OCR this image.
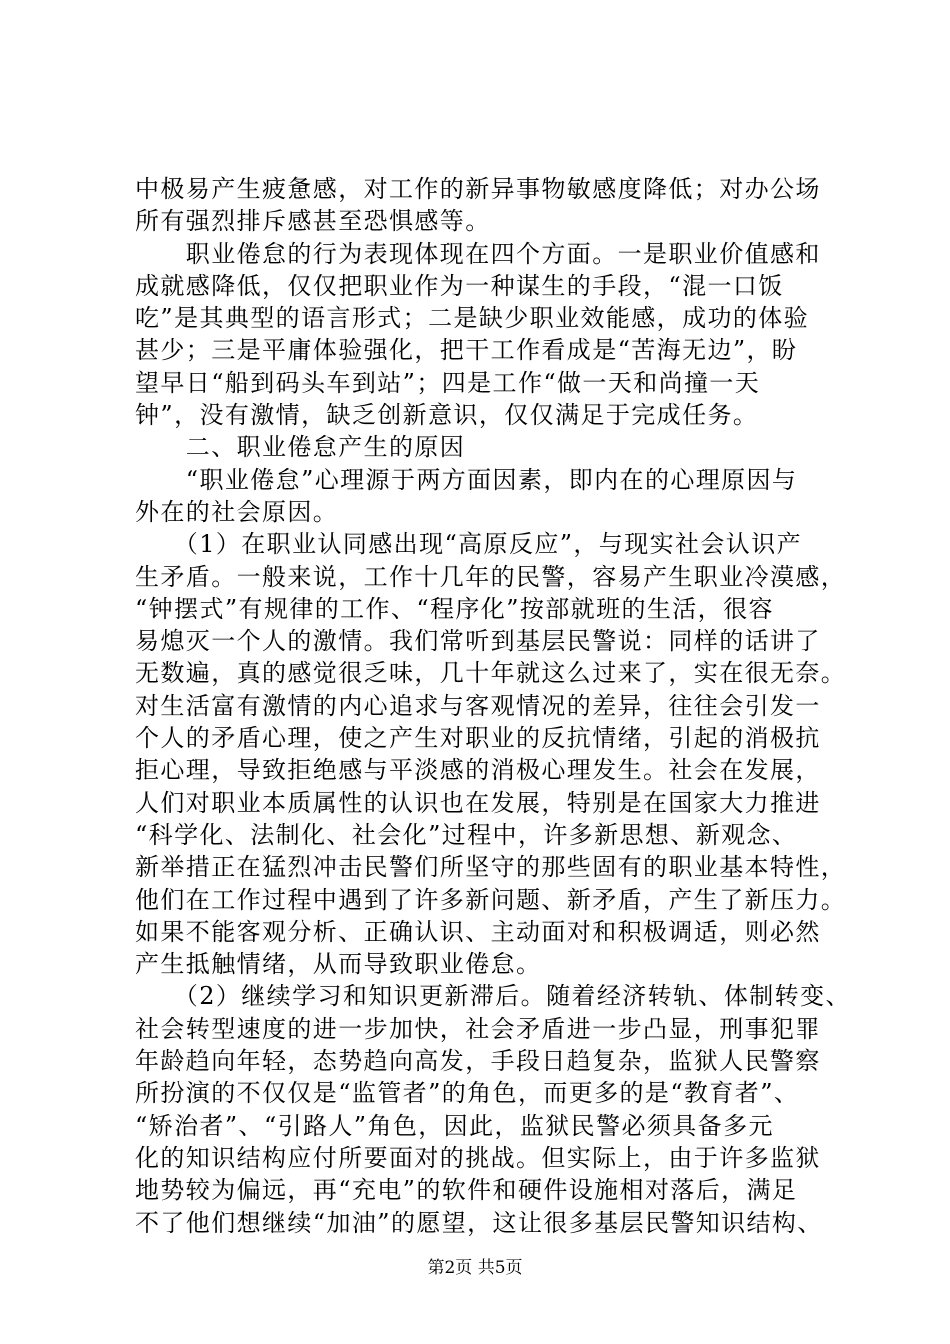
中极易产生疲惫感，对工作的新异事物敏感度降低；对办公场
所有强烈排斥感甚至恐惧感等。
　　职业倦怠的行为表现体现在四个方面。一是职业价值感和
成就感降低，仅仅把职业作为一种谋生的手段，“混一口饭
吃”是其典型的语言形式；二是缺少职业效能感，成功的体验
甚少；三是平庸体验强化，把干工作看成是“苦海无边”，盼
望早日“船到码头车到站”；四是工作“做一天和尚撞一天
钟”，没有激情，缺乏创新意识，仅仅满足于完成任务。
　　二、职业倦怠产生的原因
　　“职业倦怠”心理源于两方面因素，即内在的心理原因与
外在的社会原因。
　　（1）在职业认同感出现“高原反应”，与现实社会认识产
生矛盾。一般来说，工作十几年的民警，容易产生职业冷漠感，
“钟摆式”有规律的工作、“程序化”按部就班的生活，很容
易熄灭一个人的激情。我们常听到基层民警说：同样的话讲了
无数遍，真的感觉很乏味，几十年就这么过来了，实在很无奈。
对生活富有激情的内心追求与客观情况的差异，往往会引发一
个人的矛盾心理，使之产生对职业的反抗情绪，引起的消极抗
拒心理，导致拒绝感与平淡感的消极心理发生。社会在发展，
人们对职业本质属性的认识也在发展，特别是在国家大力推进
“科学化、法制化、社会化”过程中，许多新思想、新观念、
新举措正在猛烈冲击民警们所坚守的那些固有的职业基本特性，
他们在工作过程中遇到了许多新问题、新矛盾，产生了新压力。
如果不能客观分析、正确认识、主动面对和积极调适，则必然
产生抵触情绪，从而导致职业倦怠。
　　（2）继续学习和知识更新滞后。随着经济转轨、体制转变、
社会转型速度的进一步加快，社会矛盾进一步凸显，刑事犯罪
年龄趋向年轻，态势趋向高发，手段日趋复杂，监狱人民警察
所扮演的不仅仅是“监管者”的角色，而更多的是“教育者”、
“矫治者”、“引路人”角色，因此，监狱民警必须具备多元
化的知识结构应付所要面对的挑战。但实际上，由于许多监狱
地势较为偏远，再“充电”的软件和硬件设施相对落后，满足
不了他们想继续“加油”的愿望，这让很多基层民警知识结构、
第2页 共5页
